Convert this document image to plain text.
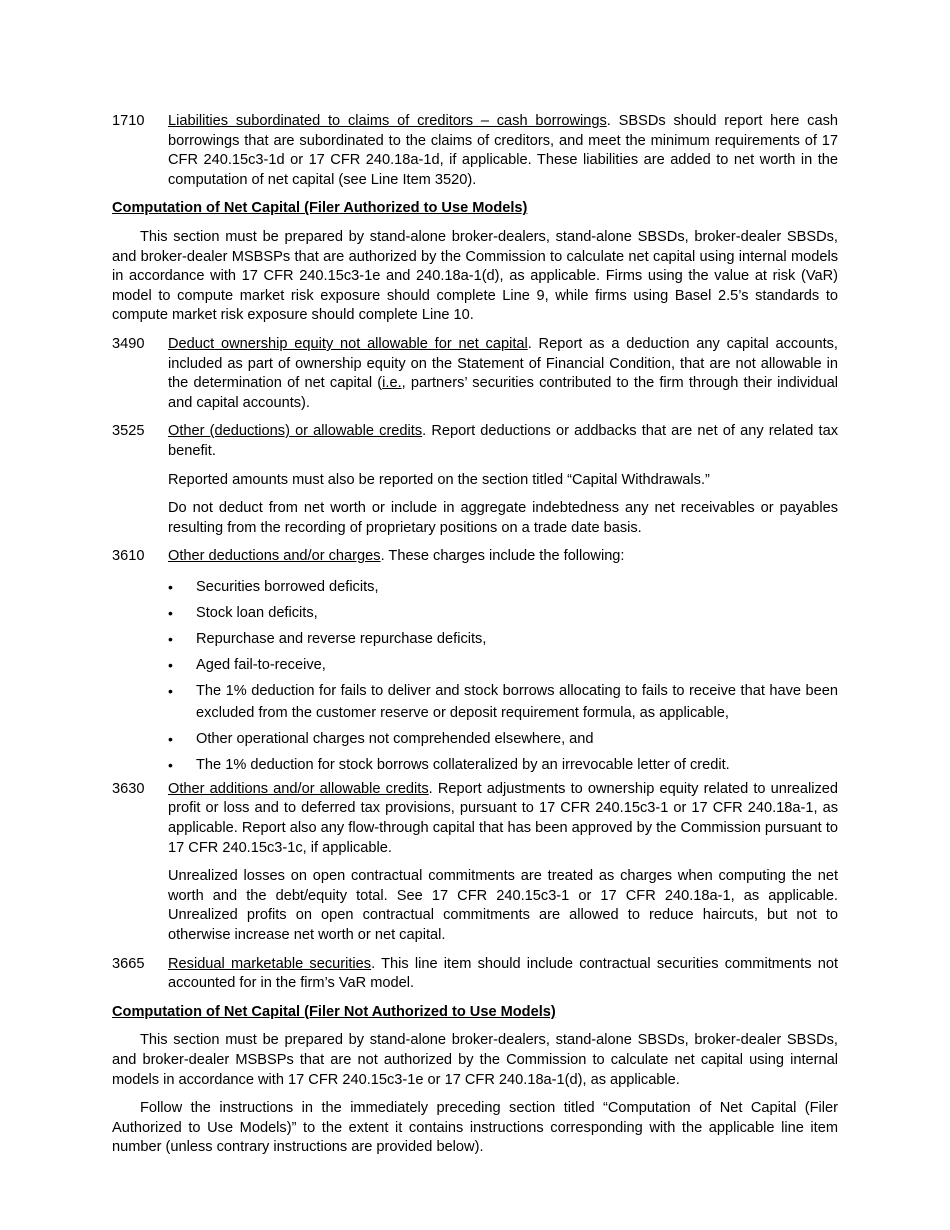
1710	Liabilities subordinated to claims of creditors – cash borrowings. SBSDs should report here cash borrowings that are subordinated to the claims of creditors, and meet the minimum requirements of 17 CFR 240.15c3-1d or 17 CFR 240.18a-1d, if applicable. These liabilities are added to net worth in the computation of net capital (see Line Item 3520).

Computation of Net Capital (Filer Authorized to Use Models)

This section must be prepared by stand-alone broker-dealers, stand-alone SBSDs, broker-dealer SBSDs, and broker-dealer MSBSPs that are authorized by the Commission to calculate net capital using internal models in accordance with 17 CFR 240.15c3-1e and 240.18a-1(d), as applicable. Firms using the value at risk (VaR) model to compute market risk exposure should complete Line 9, while firms using Basel 2.5’s standards to compute market risk exposure should complete Line 10.

3490	Deduct ownership equity not allowable for net capital. Report as a deduction any capital accounts, included as part of ownership equity on the Statement of Financial Condition, that are not allowable in the determination of net capital (i.e., partners’ securities contributed to the firm through their individual and capital accounts).

3525	Other (deductions) or allowable credits. Report deductions or addbacks that are net of any related tax benefit.

Reported amounts must also be reported on the section titled “Capital Withdrawals.”

Do not deduct from net worth or include in aggregate indebtedness any net receivables or payables resulting from the recording of proprietary positions on a trade date basis.

3610	Other deductions and/or charges. These charges include the following:

•	Securities borrowed deficits,
•	Stock loan deficits,
•	Repurchase and reverse repurchase deficits,
•	Aged fail-to-receive,
•	The 1% deduction for fails to deliver and stock borrows allocating to fails to receive that have been excluded from the customer reserve or deposit requirement formula, as applicable,
•	Other operational charges not comprehended elsewhere, and
•	The 1% deduction for stock borrows collateralized by an irrevocable letter of credit.
3630	Other additions and/or allowable credits. Report adjustments to ownership equity related to unrealized profit or loss and to deferred tax provisions, pursuant to 17 CFR 240.15c3-1 or 17 CFR 240.18a-1, as applicable. Report also any flow-through capital that has been approved by the Commission pursuant to 17 CFR 240.15c3-1c, if applicable.

Unrealized losses on open contractual commitments are treated as charges when computing the net worth and the debt/equity total. See 17 CFR 240.15c3-1 or 17 CFR 240.18a-1, as applicable. Unrealized profits on open contractual commitments are allowed to reduce haircuts, but not to otherwise increase net worth or net capital.

3665	Residual marketable securities. This line item should include contractual securities commitments not accounted for in the firm’s VaR model.

Computation of Net Capital (Filer Not Authorized to Use Models)

This section must be prepared by stand-alone broker-dealers, stand-alone SBSDs, broker-dealer SBSDs, and broker-dealer MSBSPs that are not authorized by the Commission to calculate net capital using internal models in accordance with 17 CFR 240.15c3-1e or 17 CFR 240.18a-1(d), as applicable.

Follow the instructions in the immediately preceding section titled “Computation of Net Capital (Filer Authorized to Use Models)” to the extent it contains instructions corresponding with the applicable line item number (unless contrary instructions are provided below).
